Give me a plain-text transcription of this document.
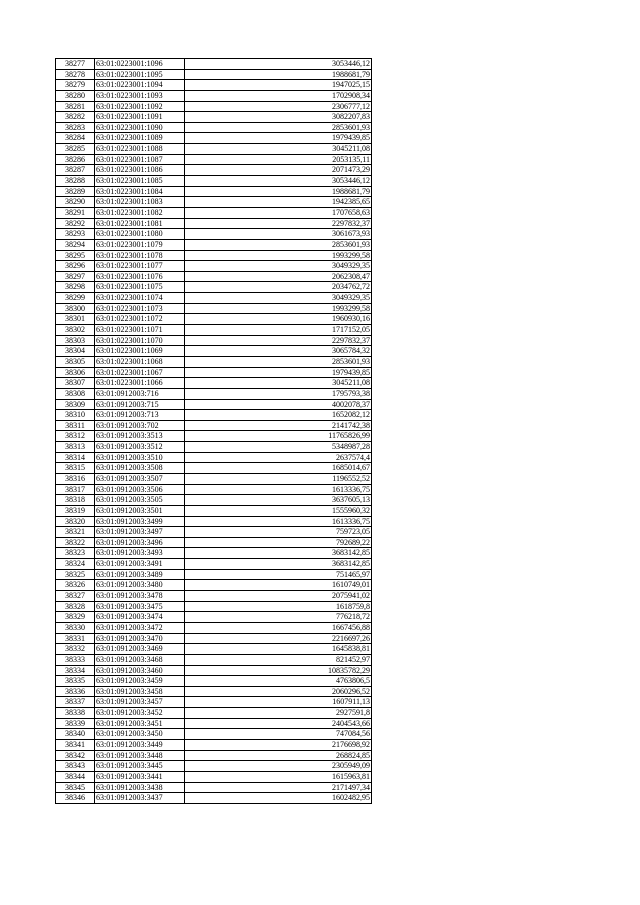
38277	63:01:0223001:1096	3053446,12
38278	63:01:0223001:1095	1988681,79
38279	63:01:0223001:1094	1947025,15
38280	63:01:0223001:1093	1702908,34
38281	63:01:0223001:1092	2306777,12
38282	63:01:0223001:1091	3082207,83
38283	63:01:0223001:1090	2853601,93
38284	63:01:0223001:1089	1979439,85
38285	63:01:0223001:1088	3045211,08
38286	63:01:0223001:1087	2053135,11
38287	63:01:0223001:1086	2071473,29
38288	63:01:0223001:1085	3053446,12
38289	63:01:0223001:1084	1988681,79
38290	63:01:0223001:1083	1942385,65
38291	63:01:0223001:1082	1707658,63
38292	63:01:0223001:1081	2297832,37
38293	63:01:0223001:1080	3061673,93
38294	63:01:0223001:1079	2853601,93
38295	63:01:0223001:1078	1993299,58
38296	63:01:0223001:1077	3049329,35
38297	63:01:0223001:1076	2062308,47
38298	63:01:0223001:1075	2034762,72
38299	63:01:0223001:1074	3049329,35
38300	63:01:0223001:1073	1993299,58
38301	63:01:0223001:1072	1960930,16
38302	63:01:0223001:1071	1717152,05
38303	63:01:0223001:1070	2297832,37
38304	63:01:0223001:1069	3065784,32
38305	63:01:0223001:1068	2853601,93
38306	63:01:0223001:1067	1979439,85
38307	63:01:0223001:1066	3045211,08
38308	63:01:0912003:716	1795793,38
38309	63:01:0912003:715	4002078,37
38310	63:01:0912003:713	1652082,12
38311	63:01:0912003:702	2141742,38
38312	63:01:0912003:3513	11765826,99
38313	63:01:0912003:3512	5348987,28
38314	63:01:0912003:3510	2637574,4
38315	63:01:0912003:3508	1685014,67
38316	63:01:0912003:3507	1196552,52
38317	63:01:0912003:3506	1613336,75
38318	63:01:0912003:3505	3637605,13
38319	63:01:0912003:3501	1555960,32
38320	63:01:0912003:3499	1613336,75
38321	63:01:0912003:3497	759723,05
38322	63:01:0912003:3496	792689,22
38323	63:01:0912003:3493	3683142,85
38324	63:01:0912003:3491	3683142,85
38325	63:01:0912003:3489	751465,97
38326	63:01:0912003:3480	1610749,01
38327	63:01:0912003:3478	2075941,02
38328	63:01:0912003:3475	1618759,8
38329	63:01:0912003:3474	776218,72
38330	63:01:0912003:3472	1667456,88
38331	63:01:0912003:3470	2216697,26
38332	63:01:0912003:3469	1645838,81
38333	63:01:0912003:3468	821452,97
38334	63:01:0912003:3460	10835782,29
38335	63:01:0912003:3459	4763806,5
38336	63:01:0912003:3458	2060296,52
38337	63:01:0912003:3457	1607911,13
38338	63:01:0912003:3452	2927591,8
38339	63:01:0912003:3451	2404543,66
38340	63:01:0912003:3450	747084,56
38341	63:01:0912003:3449	2176698,92
38342	63:01:0912003:3448	268824,85
38343	63:01:0912003:3445	2305949,09
38344	63:01:0912003:3441	1615963,81
38345	63:01:0912003:3438	2171497,34
38346	63:01:0912003:3437	1602482,95
